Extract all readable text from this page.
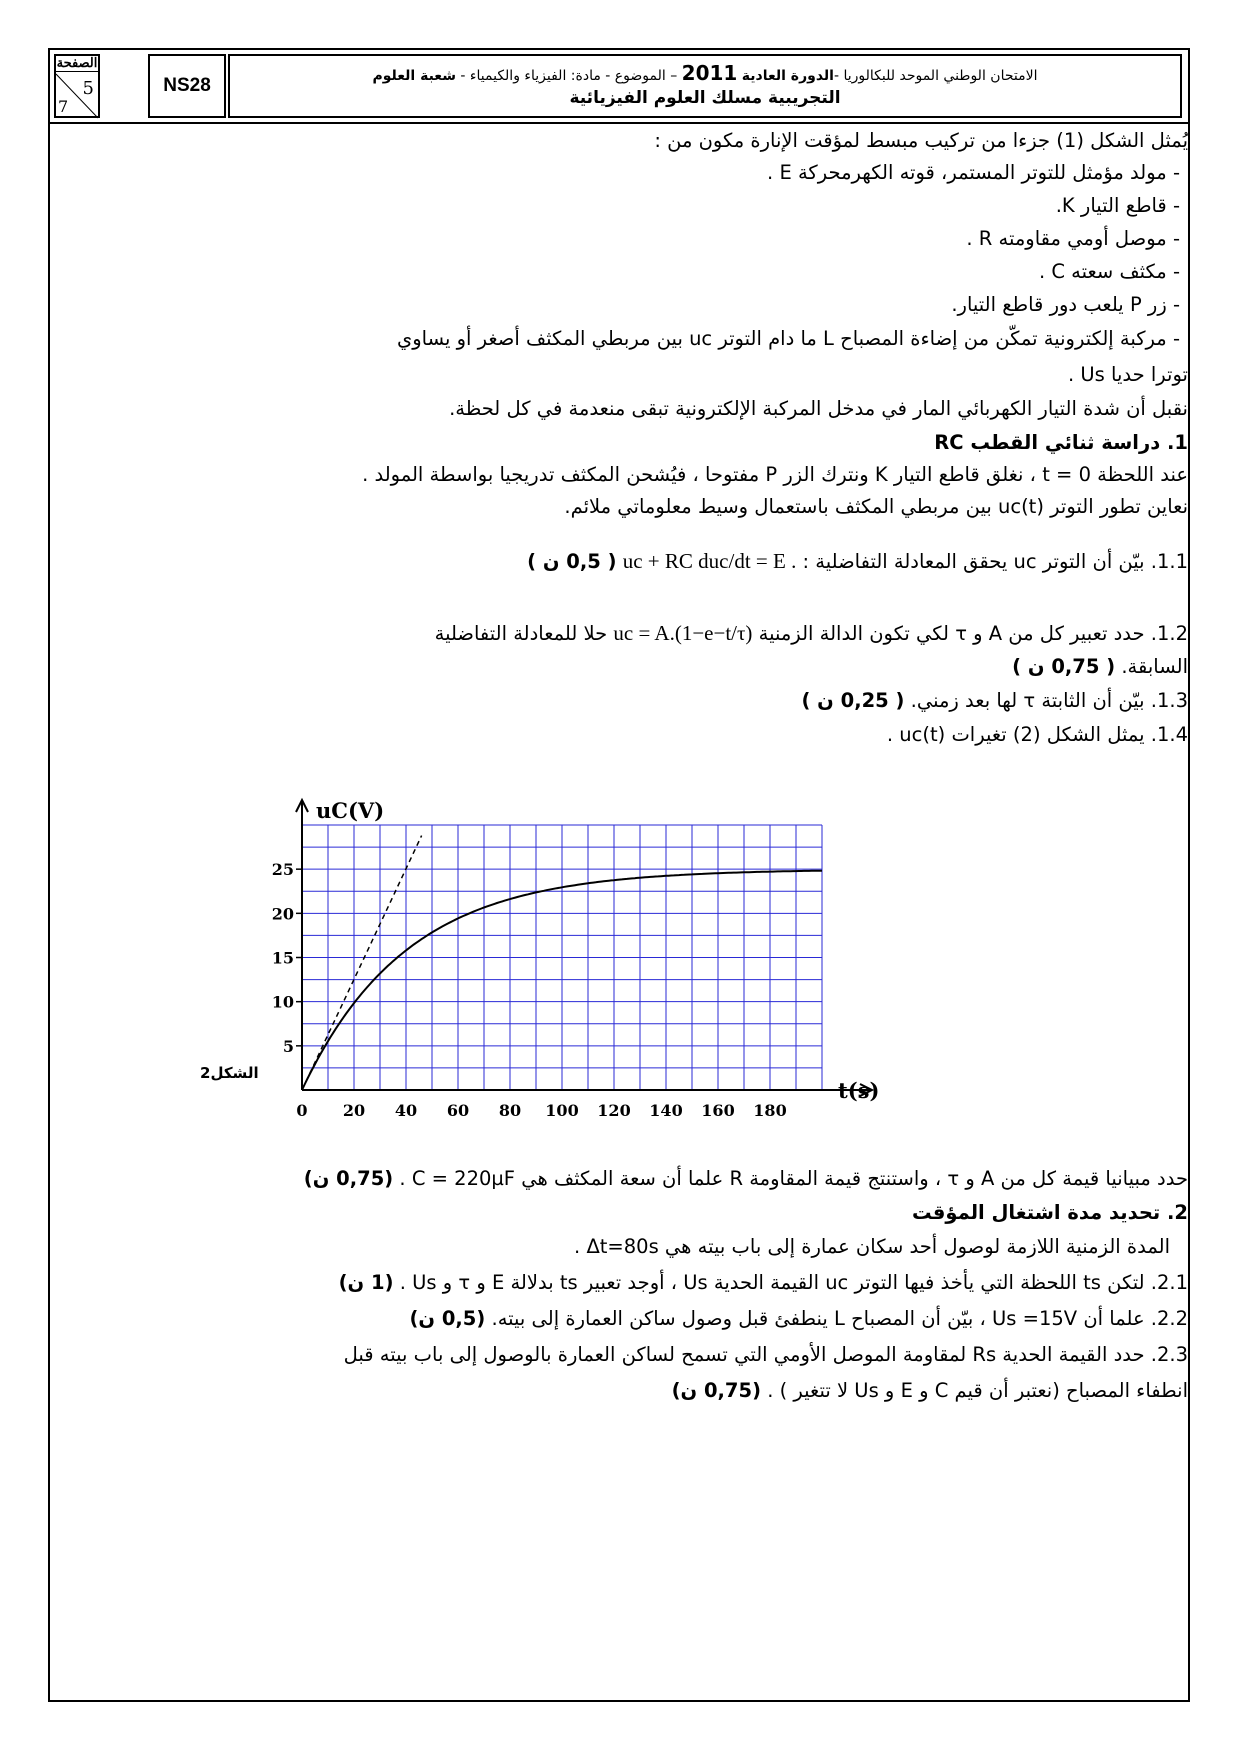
الصفحة
5
7
NS28	الامتحان الوطني الموحد للبكالوريا -الدورة العادية 2011 – الموضوع - مادة: الفيزياء والكيمياء - شعبة العلوم
التجريبية مسلك العلوم الفيزيائية
يُمثل الشكل (1) جزءا من تركيب مبسط لمؤقت الإنارة مكون من :
- مولد مؤمثل للتوتر المستمر، قوته الكهرمحركة E .
- قاطع التيار K.
- موصل أومي مقاومته R .
- مكثف سعته C .
- زر P يلعب دور قاطع التيار.
- مركبة إلكترونية تمكّن من إضاءة المصباح L ما دام التوتر uc بين مربطي المكثف أصغر أو يساوي
توترا حديا Us .
نقبل أن شدة التيار الكهربائي المار في مدخل المركبة الإلكترونية تبقى منعدمة في كل لحظة.
1. دراسة ثنائي القطب RC
عند اللحظة t = 0 ، نغلق قاطع التيار K ونترك الزر P مفتوحا ، فيُشحن المكثف تدريجيا بواسطة المولد .
نعاين تطور التوتر uc(t) بين مربطي المكثف باستعمال وسيط معلوماتي ملائم.
1.1. بيّن أن التوتر uc يحقق المعادلة التفاضلية : uc + RC duc/dt = E . ( 0,5 ن )
1.2. حدد تعبير كل من A و τ لكي تكون الدالة الزمنية uc = A.(1−e−t/τ) حلا للمعادلة التفاضلية
السابقة. ( 0,75 ن )
1.3. بيّن أن الثابتة τ لها بعد زمني. ( 0,25 ن )
1.4. يمثل الشكل (2) تغيرات uc(t) .
0 20 40 60 80 100 120 140 160 180
5
10
15
20
25
uC(V)
t(s)
الشكل2
حدد مبيانيا قيمة كل من A و τ ، واستنتج قيمة المقاومة R علما أن سعة المكثف هي C = 220µF . (0,75 ن)
2. تحديد مدة اشتغال المؤقت
المدة الزمنية اللازمة لوصول أحد سكان عمارة إلى باب بيته هي Δt=80s .
2.1. لتكن ts اللحظة التي يأخذ فيها التوتر uc القيمة الحدية Us ، أوجد تعبير ts بدلالة E و τ و Us . (1 ن)
2.2. علما أن Us =15V ، بيّن أن المصباح L ينطفئ قبل وصول ساكن العمارة إلى بيته. (0,5 ن)
2.3. حدد القيمة الحدية Rs لمقاومة الموصل الأومي التي تسمح لساكن العمارة بالوصول إلى باب بيته قبل
انطفاء المصباح (نعتبر أن قيم C و E و Us لا تتغير ) . (0,75 ن)
